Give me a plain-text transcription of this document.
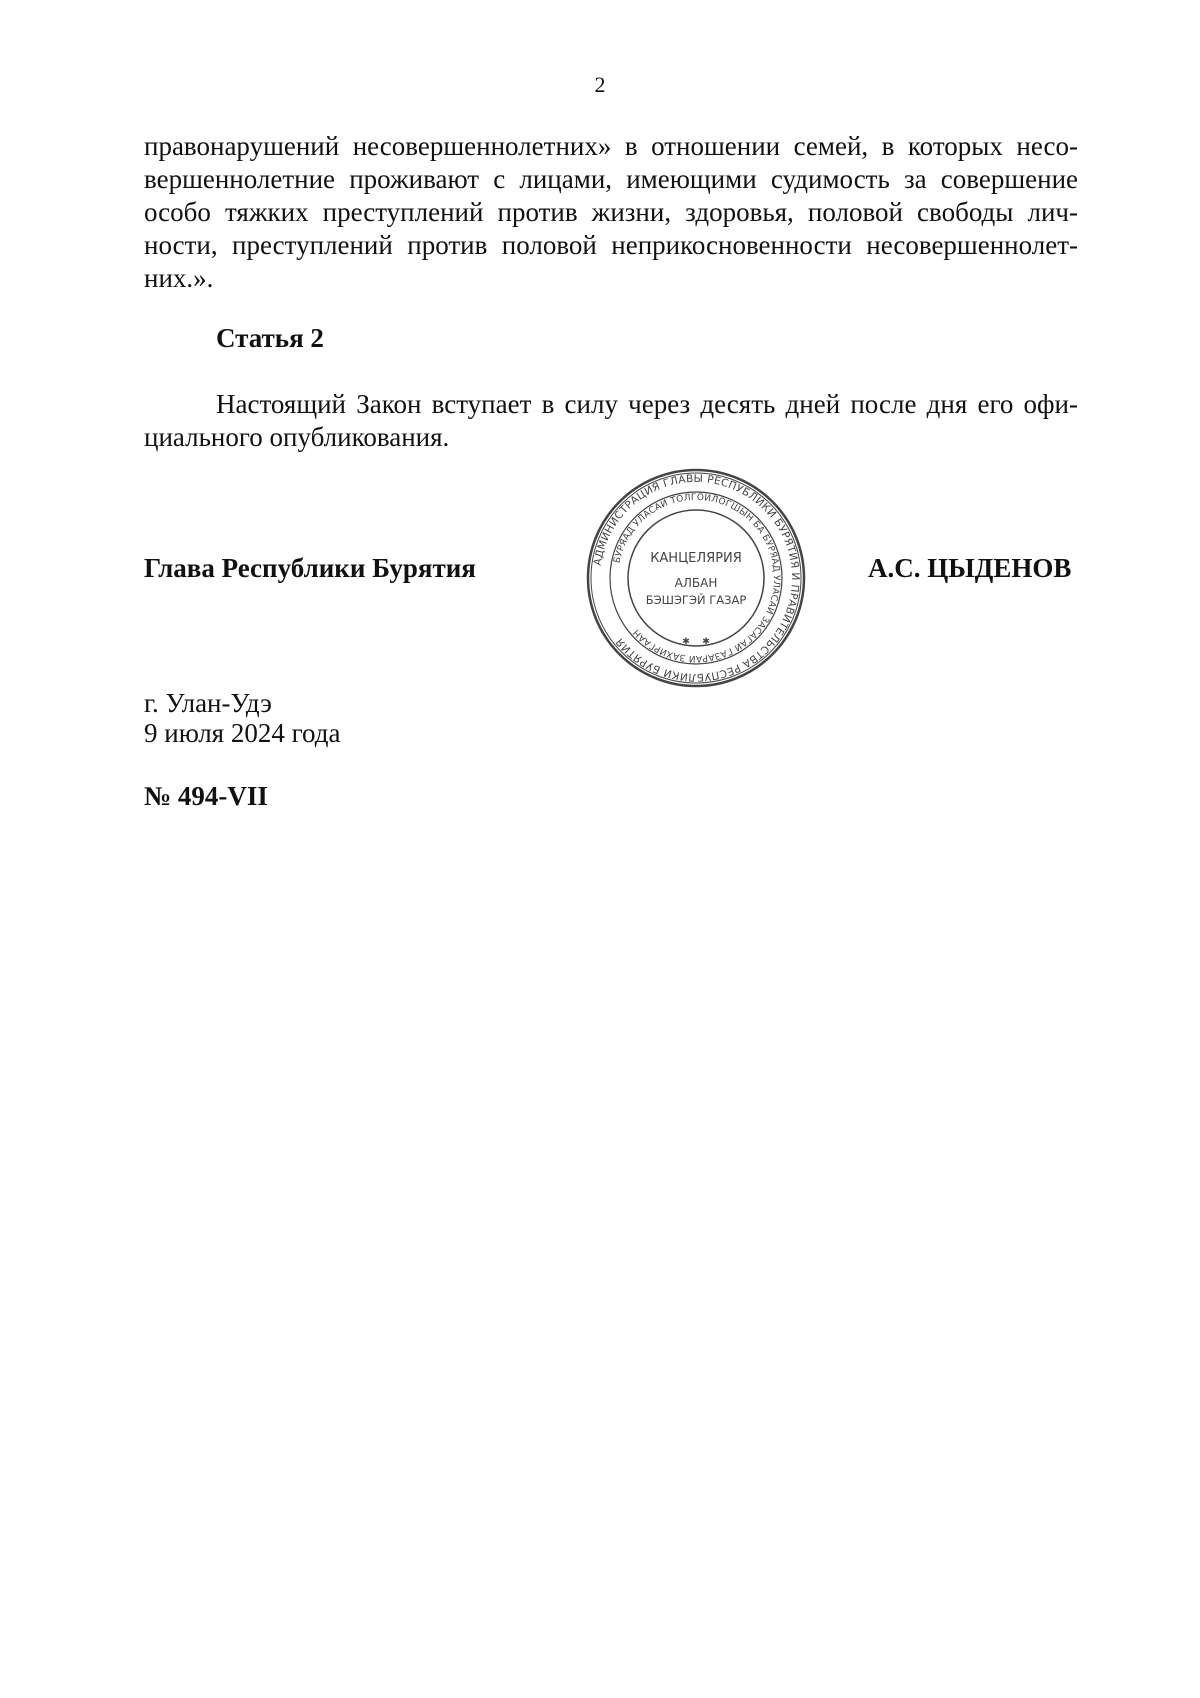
2
правонарушений несовершеннолетних» в отношении семей, в которых несо-
вершеннолетние проживают с лицами, имеющими судимость за совершение
особо тяжких преступлений против жизни, здоровья, половой свободы лич-
ности, преступлений против половой неприкосновенности несовершеннолет-
них.».
Статья 2
Настоящий Закон вступает в силу через десять дней после дня его офи-
циального опубликования.
Глава Республики Бурятия	АДМИНИСТРАЦИЯ ГЛАВЫ РЕСПУБЛИКИ БУРЯТИЯ И ПРАВИТЕЛЬСТВА РЕСПУБЛИКИ БУРЯТИЯ
БУРЯАД УЛАСАЙ ТОЛГОЙЛОГШЫН БА БУРЯАД УЛАСАЙ ЗАСАГАЙ ГАЗАРАЙ ЗАХИРГААН
КАНЦЕЛЯРИЯ
АЛБАН
БЭШЭГЭЙ ГАЗАР
✱ ✱
А.С. ЦЫДЕНОВ
г. Улан-Удэ
9 июля 2024 года
№ 494-VII
